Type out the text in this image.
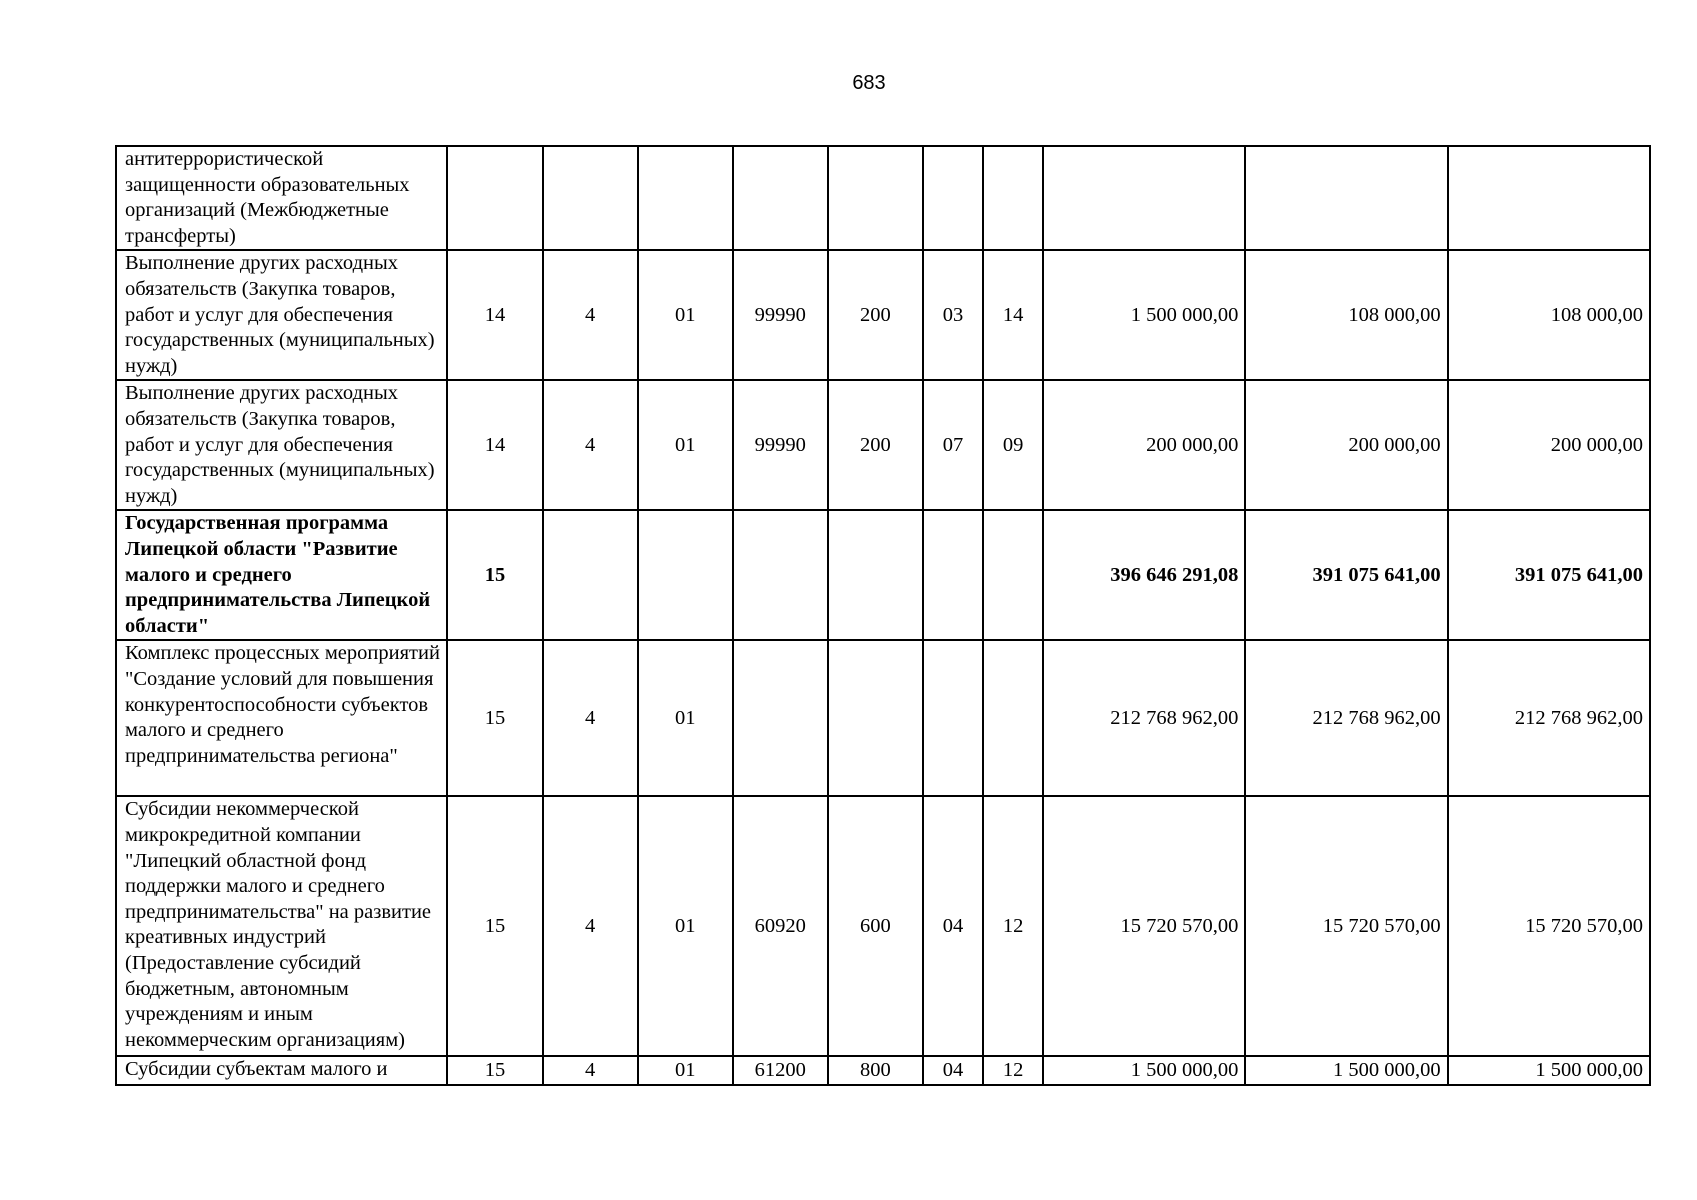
683
антитеррористической защищенности образовательных организаций (Межбюджетные трансферты)										
Выполнение других расходных обязательств (Закупка товаров, работ и услуг для обеспечения государственных (муниципальных) нужд)	14	4	01	99990	200	03	14	1 500 000,00	108 000,00	108 000,00
Выполнение других расходных обязательств (Закупка товаров, работ и услуг для обеспечения государственных (муниципальных) нужд)	14	4	01	99990	200	07	09	200 000,00	200 000,00	200 000,00
Государственная программа Липецкой области "Развитие малого и среднего предпринимательства Липецкой области"	15							396 646 291,08	391 075 641,00	391 075 641,00
Комплекс процессных мероприятий "Создание условий для повышения конкурентоспособности субъектов малого и среднего предпринимательства региона"	15	4	01					212 768 962,00	212 768 962,00	212 768 962,00
Субсидии некоммерческой микрокредитной компании "Липецкий областной фонд поддержки малого и среднего предпринимательства" на развитие креативных индустрий (Предоставление субсидий бюджетным, автономным учреждениям и иным некоммерческим организациям)	15	4	01	60920	600	04	12	15 720 570,00	15 720 570,00	15 720 570,00
Субсидии субъектам малого и	15	4	01	61200	800	04	12	1 500 000,00	1 500 000,00	1 500 000,00
